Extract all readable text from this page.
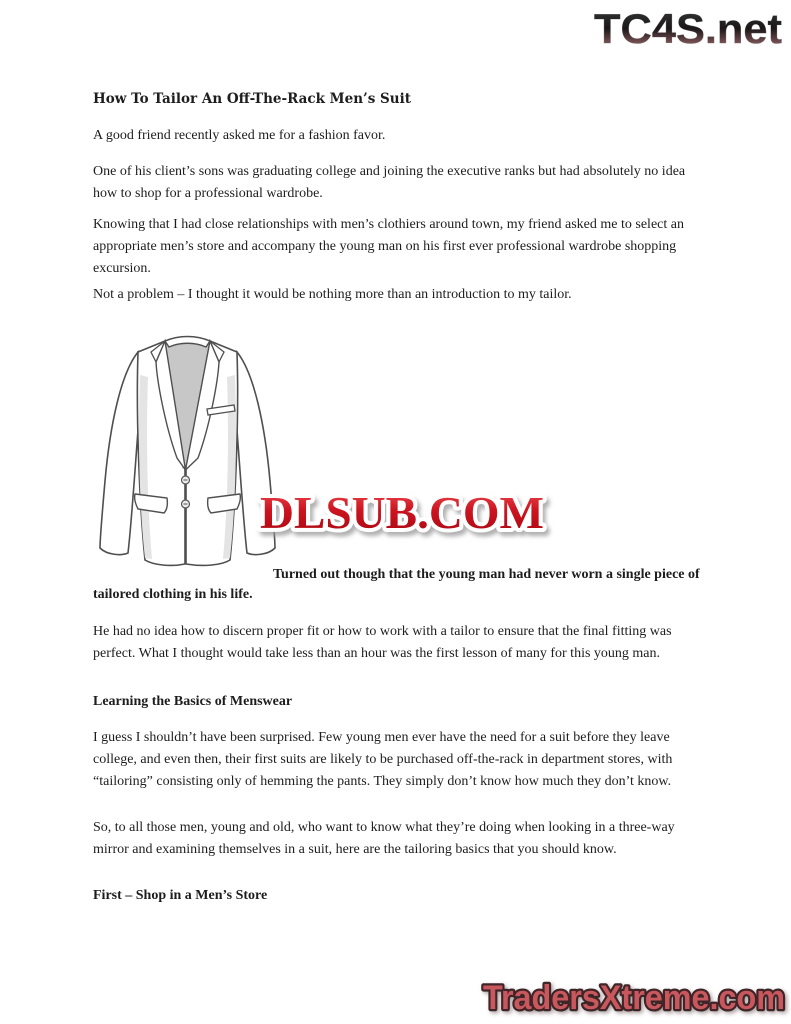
TC4S.net
How To Tailor An Off-The-Rack Men’s Suit

A good friend recently asked me for a fashion favor.

One of his client’s sons was graduating college and joining the executive ranks but had absolutely no idea how to shop for a professional wardrobe.

Knowing that I had close relationships with men’s clothiers around town, my friend asked me to select an appropriate men’s store and accompany the young man on his first ever professional wardrobe shopping excursion.

Not a problem – I thought it would be nothing more than an introduction to my tailor.

DLSUB.COM

Turned out though that the young man had never worn a single piece of tailored clothing in his life.

He had no idea how to discern proper fit or how to work with a tailor to ensure that the final fitting was perfect. What I thought would take less than an hour was the first lesson of many for this young man.

Learning the Basics of Menswear

I guess I shouldn’t have been surprised. Few young men ever have the need for a suit before they leave college, and even then, their first suits are likely to be purchased off-the-rack in department stores, with “tailoring” consisting only of hemming the pants. They simply don’t know how much they don’t know.

So, to all those men, young and old, who want to know what they’re doing when looking in a three-way mirror and examining themselves in a suit, here are the tailoring basics that you should know.

First – Shop in a Men’s Store
TradersXtreme.com
